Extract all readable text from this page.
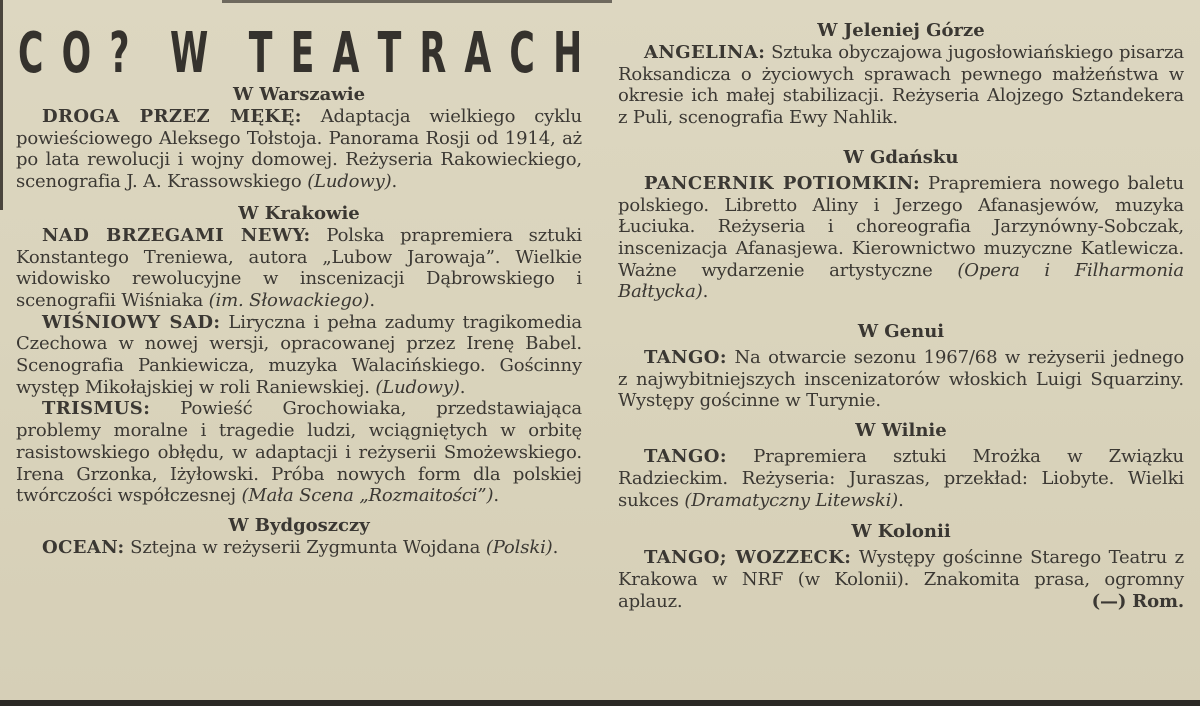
C O ? W T E A T R A C H
W Warszawie

DROGA PRZEZ MĘKĘ: Adaptacja wielkiego cyklu powieściowego Aleksego Tołstoja. Panorama Rosji od 1914, aż po lata rewolucji i wojny domowej. Reżyseria Rakowieckiego, scenografia J. A. Krassowskiego (Ludowy).

W Krakowie

NAD BRZEGAMI NEWY: Polska prapremiera sztuki Konstantego Treniewa, autora „Lubow Jarowaja”. Wielkie widowisko rewolucyjne w inscenizacji Dąbrowskiego i scenografii Wiśniaka (im. Słowackiego).

WIŚNIOWY SAD: Liryczna i pełna zadumy tragikomedia Czechowa w nowej wersji, opracowanej przez Irenę Babel. Scenografia Pankiewicza, muzyka Walacińskiego. Gościnny występ Mikołajskiej w roli Raniewskiej. (Ludowy).

TRISMUS: Powieść Grochowiaka, przedstawiająca problemy moralne i tragedie ludzi, wciągniętych w orbitę rasistowskiego obłędu, w adaptacji i reżyserii Smożewskiego. Irena Grzonka, Iżyłowski. Próba nowych form dla polskiej twórczości współczesnej (Mała Scena „Rozmaitości”).

W Bydgoszczy

OCEAN: Sztejna w reżyserii Zygmunta Wojdana (Polski).

W Jeleniej Górze

ANGELINA: Sztuka obyczajowa jugosłowiańskiego pisarza Roksandicza o życiowych sprawach pewnego małżeństwa w okresie ich małej stabilizacji. Reżyseria Alojzego Sztandekera z Puli, scenografia Ewy Nahlik.

W Gdańsku

PANCERNIK POTIOMKIN: Prapremiera nowego baletu polskiego. Libretto Aliny i Jerzego Afanasjewów, muzyka Łuciuka. Reżyseria i choreografia Jarzynówny-Sobczak, inscenizacja Afanasjewa. Kierownictwo muzyczne Katlewicza. Ważne wydarzenie artystyczne (Opera i Filharmonia Bałtycka).

W Genui

TANGO: Na otwarcie sezonu 1967/68 w reżyserii jednego z najwybitniejszych inscenizatorów włoskich Luigi Squarziny. Występy gościnne w Turynie.

W Wilnie

TANGO: Prapremiera sztuki Mrożka w Związku Radzieckim. Reżyseria: Juraszas, przekład: Liobyte. Wielki sukces (Dramatyczny Litewski).

W Kolonii

TANGO; WOZZECK: Występy gościnne Starego Teatru z Krakowa w NRF (w Kolonii). Znakomita prasa, ogromny aplauz.	(—) Rom.
